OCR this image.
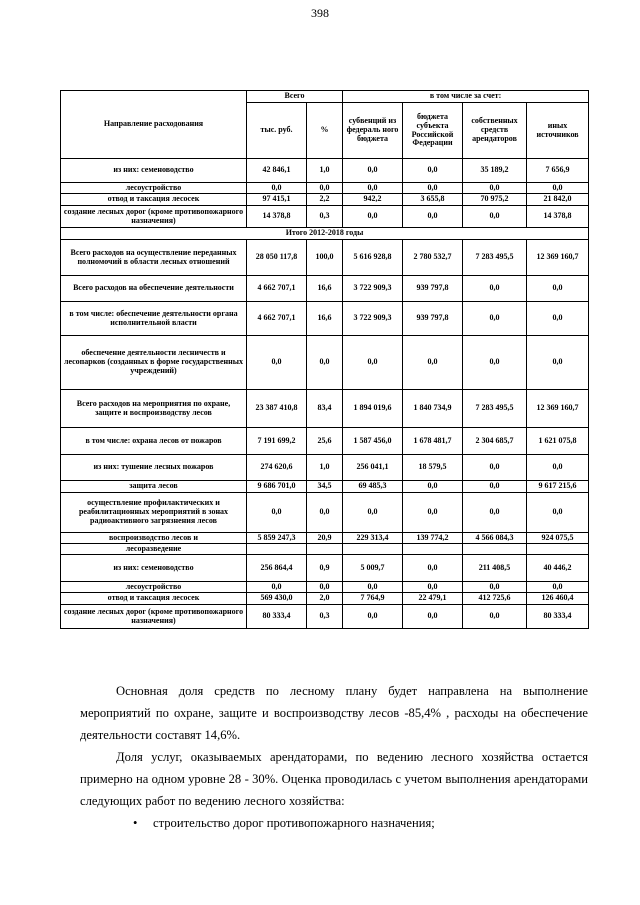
398
Направление расходования	Всего		в том числе за счет:			
	тыс. руб.	%	субвенций из федераль ного бюджета	бюджета субъекта Российской Федерации	собственных средств арендаторов	иных источников
из них: семеноводство	42 846,1	1,0	0,0	0,0	35 189,2	7 656,9
лесоустройство	0,0	0,0	0,0	0,0	0,0	0,0
отвод и таксация лесосек	97 415,1	2,2	942,2	3 655,8	70 975,2	21 842,0
создание лесных дорог (кроме противопожарного назначения)	14 378,8	0,3	0,0	0,0	0,0	14 378,8
Итого 2012-2018 годы						
Всего расходов на осуществление переданных полномочий в области лесных отношений	28 050 117,8	100,0	5 616 928,8	2 780 532,7	7 283 495,5	12 369 160,7
Всего расходов на обеспечение деятельности	4 662 707,1	16,6	3 722 909,3	939 797,8	0,0	0,0
в том числе: обеспечение деятельности органа исполнительной власти	4 662 707,1	16,6	3 722 909,3	939 797,8	0,0	0,0
обеспечение деятельности лесничеств и лесопарков (созданных в форме государственных учреждений)	0,0	0,0	0,0	0,0	0,0	0,0
Всего расходов на мероприятия по охране, защите и воспроизводству лесов	23 387 410,8	83,4	1 894 019,6	1 840 734,9	7 283 495,5	12 369 160,7
в том числе: охрана лесов от пожаров	7 191 699,2	25,6	1 587 456,0	1 678 481,7	2 304 685,7	1 621 075,8
из них: тушение лесных пожаров	274 620,6	1,0	256 041,1	18 579,5	0,0	0,0
защита лесов	9 686 701,0	34,5	69 485,3	0,0	0,0	9 617 215,6
осуществление профилактических и реабилитационных мероприятий в зонах радиоактивного загрязнения лесов	0,0	0,0	0,0	0,0	0,0	0,0
воспроизводство лесов и	5 859 247,3	20,9	229 313,4	139 774,2	4 566 084,3	924 075,5
лесоразведение						
из них: семеноводство	256 864,4	0,9	5 009,7	0,0	211 408,5	40 446,2
лесоустройство	0,0	0,0	0,0	0,0	0,0	0,0
отвод и таксация лесосек	569 430,0	2,0	7 764,9	22 479,1	412 725,6	126 460,4
создание лесных дорог (кроме противопожарного назначения)	80 333,4	0,3	0,0	0,0	0,0	80 333,4

Основная доля средств по лесному плану будет направлена на выполнение мероприятий по охране, защите и воспроизводству лесов -85,4% , расходы на обеспечение деятельности составят 14,6%.

Доля услуг, оказываемых арендаторами, по ведению лесного хозяйства остается примерно на одном уровне 28 - 30%. Оценка проводилась с учетом выполнения арендаторами следующих работ по ведению лесного хозяйства:

• строительство дорог противопожарного назначения;
